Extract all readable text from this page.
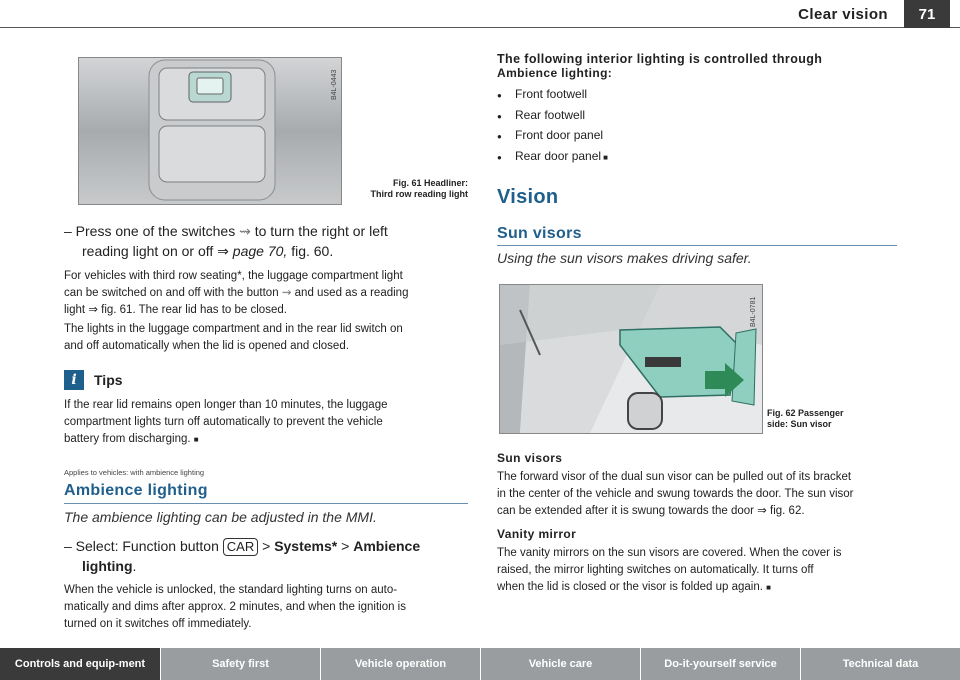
Clear vision	71
B4L-0443
Fig. 61 Headliner:
Third row reading light
– Press one of the switches ⇝ to turn the right or left
reading light on or off ⇒ page 70, fig. 60.
For vehicles with third row seating*, the luggage compartment light
can be switched on and off with the button ⇝ and used as a reading
light ⇒ fig. 61. The rear lid has to be closed.
The lights in the luggage compartment and in the rear lid switch on
and off automatically when the lid is opened and closed.
i	Tips
If the rear lid remains open longer than 10 minutes, the luggage
compartment lights turn off automatically to prevent the vehicle
battery from discharging. ■
Applies to vehicles: with ambience lighting
Ambience lighting
The ambience lighting can be adjusted in the MMI.
– Select: Function button CAR > Systems* > Ambience
lighting.
When the vehicle is unlocked, the standard lighting turns on auto-
matically and dims after approx. 2 minutes, and when the ignition is
turned on it switches off immediately.
The following interior lighting is controlled through
Ambience lighting:
● Front footwell
● Rear footwell
● Front door panel
● Rear door panel ■
Vision
Sun visors
Using the sun visors makes driving safer.
B4L-0781
Fig. 62 Passenger
side: Sun visor
Sun visors
The forward visor of the dual sun visor can be pulled out of its bracket
in the center of the vehicle and swung towards the door. The sun visor
can be extended after it is swung towards the door ⇒ fig. 62.
Vanity mirror
The vanity mirrors on the sun visors are covered. When the cover is
raised, the mirror lighting switches on automatically. It turns off
when the lid is closed or the visor is folded up again. ■
Controls and equip-ment	Safety first	Vehicle operation	Vehicle care	Do-it-yourself service	Technical data
